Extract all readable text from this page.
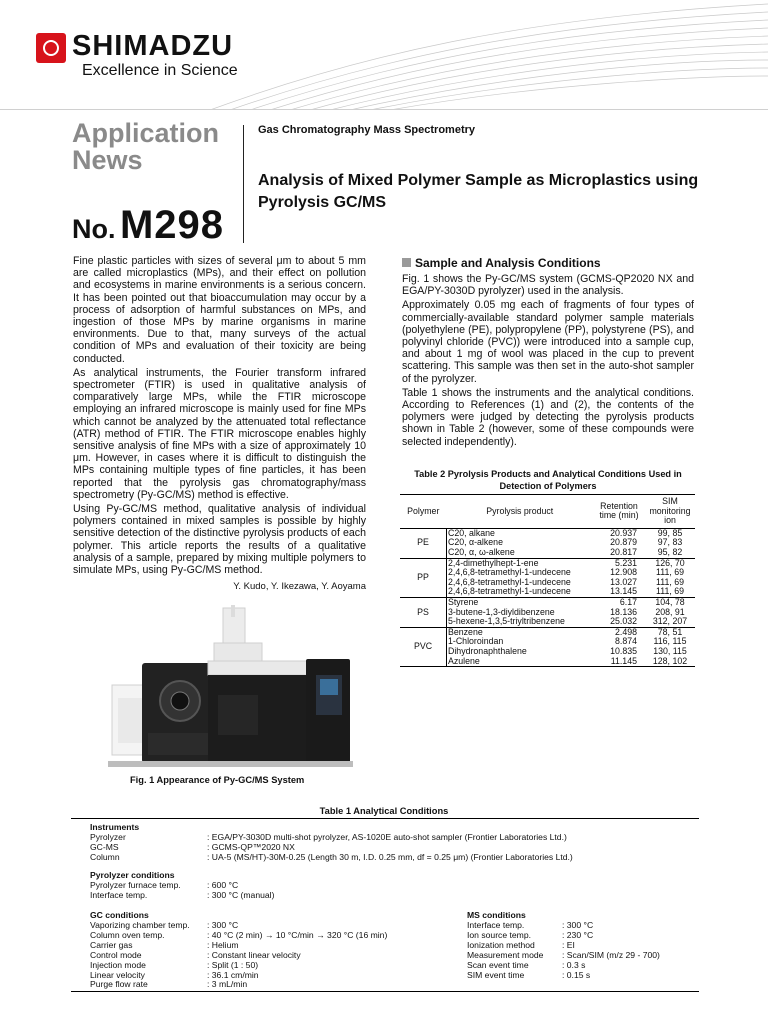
SHIMADZU
Excellence in Science
Application
News
No. M298
Gas Chromatography Mass Spectrometry
Analysis of Mixed Polymer Sample as Microplastics using Pyrolysis GC/MS

Fine plastic particles with sizes of several μm to about 5 mm are called microplastics (MPs), and their effect on pollution and ecosystems in marine environments is a serious concern. It has been pointed out that bioaccumulation may occur by a process of adsorption of harmful substances on MPs, and ingestion of those MPs by marine organisms in marine environments. Due to that, many surveys of the actual condition of MPs and evaluation of their toxicity are being conducted.

As analytical instruments, the Fourier transform infrared spectrometer (FTIR) is used in qualitative analysis of comparatively large MPs, while the FTIR microscope employing an infrared microscope is mainly used for fine MPs which cannot be analyzed by the attenuated total reflectance (ATR) method of FTIR. The FTIR microscope enables highly sensitive analysis of fine MPs with a size of approximately 10 μm. However, in cases where it is difficult to distinguish the MPs containing multiple types of fine particles, it has been reported that the pyrolysis gas chromatography/mass spectrometry (Py-GC/MS) method is effective.

Using Py-GC/MS method, qualitative analysis of individual polymers contained in mixed samples is possible by highly sensitive detection of the distinctive pyrolysis products of each polymer. This article reports the results of a qualitative analysis of a sample, prepared by mixing multiple polymers to simulate MPs, using Py-GC/MS method.

Y. Kudo, Y. Ikezawa, Y. Aoyama
Sample and Analysis Conditions

Fig. 1 shows the Py-GC/MS system (GCMS-QP2020 NX and EGA/PY-3030D pyrolyzer) used in the analysis.

Approximately 0.05 mg each of fragments of four types of commercially-available standard polymer sample materials (polyethylene (PE), polypropylene (PP), polystyrene (PS), and polyvinyl chloride (PVC)) were introduced into a sample cup, and about 1 mg of wool was placed in the cup to prevent scattering. This sample was then set in the auto-shot sampler of the pyrolyzer.

Table 1 shows the instruments and the analytical conditions. According to References (1) and (2), the contents of the polymers were judged by detecting the pyrolysis products shown in Table 2 (however, some of these compounds were selected independently).

Table 2 Pyrolysis Products and Analytical Conditions Used in
Detection of Polymers
Polymer	Pyrolysis product	Retention time (min)	SIM monitoring ion
PE	C20, alkane	20.937	99, 85
	C20, α-alkene	20.879	97, 83
	C20, α, ω-alkene	20.817	95, 82
PP	2,4-dimethylhept-1-ene	5.231	126, 70
	2,4,6,8-tetramethyl-1-undecene	12.908	111, 69
	2,4,6,8-tetramethyl-1-undecene	13.027	111, 69
	2,4,6,8-tetramethyl-1-undecene	13.145	111, 69
PS	Styrene	6.17	104, 78
	3-butene-1,3-diyldibenzene	18.136	208, 91
	5-hexene-1,3,5-triyltribenzene	25.032	312, 207
PVC	Benzene	2.498	78, 51
	1-Chloroindan	8.874	116, 115
	Dihydronaphthalene	10.835	130, 115
	Azulene	11.145	128, 102
Fig. 1 Appearance of Py-GC/MS System
Table 1 Analytical Conditions
Instruments
Pyrolyzer	: EGA/PY-3030D multi-shot pyrolyzer, AS-1020E auto-shot sampler (Frontier Laboratories Ltd.)
GC-MS	: GCMS-QP™2020 NX
Column	: UA-5 (MS/HT)-30M-0.25 (Length 30 m, I.D. 0.25 mm, df = 0.25 μm) (Frontier Laboratories Ltd.)
Pyrolyzer conditions
Pyrolyzer furnace temp.	: 600 °C
Interface temp.	: 300 °C (manual)
GC conditions
Vaporizing chamber temp. : 300 °C
Column oven temp.	: 40 °C (2 min) → 10 °C/min → 320 °C (16 min)
Carrier gas	: Helium
Control mode	: Constant linear velocity
Injection mode	: Split (1 : 50)
Linear velocity	: 36.1 cm/min
Purge flow rate	: 3 mL/min
MS conditions
Interface temp.	: 300 °C
Ion source temp.	: 230 °C
Ionization method	: EI
Measurement mode : Scan/SIM (m/z 29 - 700)
Scan event time	: 0.3 s
SIM event time	: 0.15 s
